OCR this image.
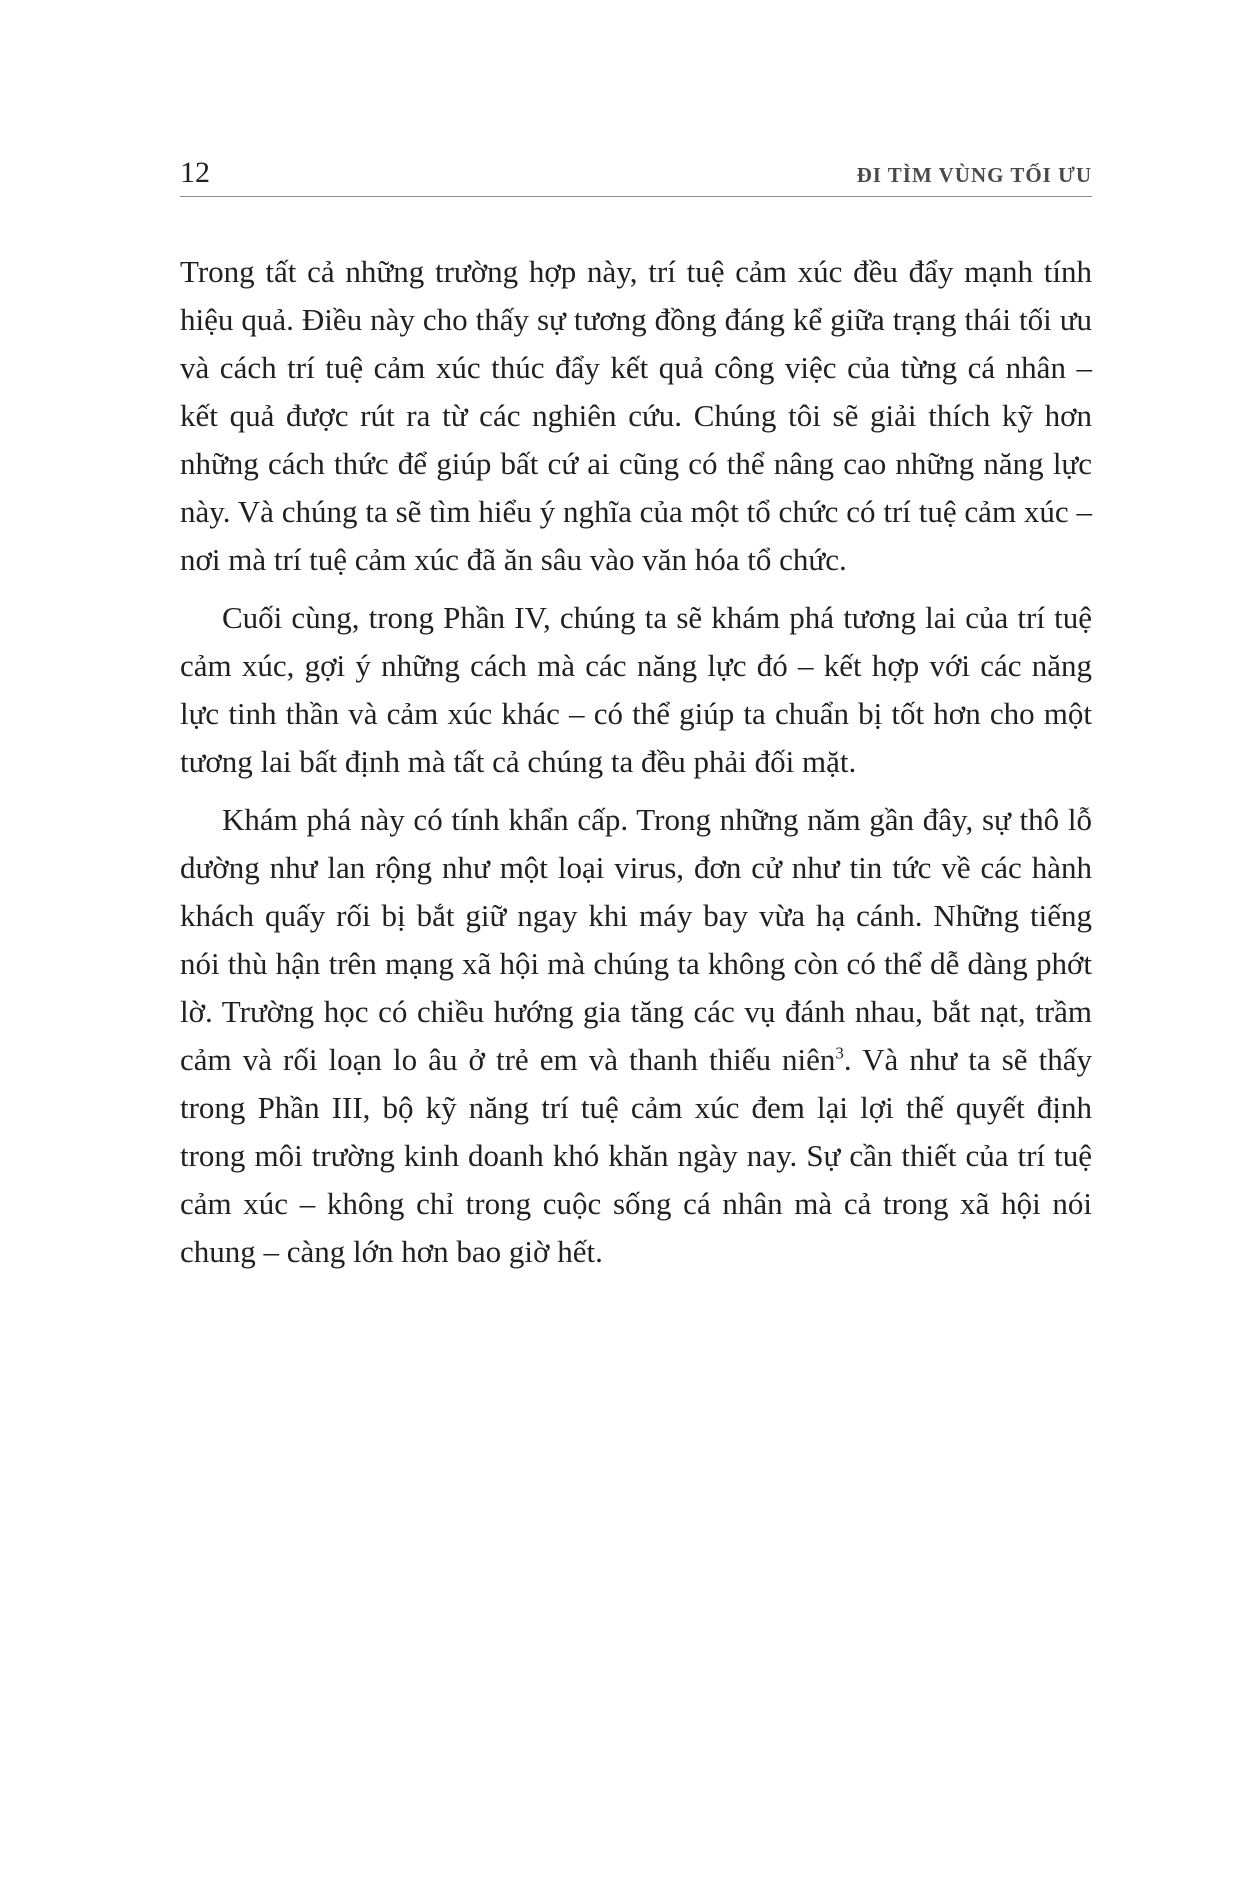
12	ĐI TÌM VÙNG TỐI ƯU

Trong tất cả những trường hợp này, trí tuệ cảm xúc đều đẩy mạnh tính hiệu quả. Điều này cho thấy sự tương đồng đáng kể giữa trạng thái tối ưu và cách trí tuệ cảm xúc thúc đẩy kết quả công việc của từng cá nhân – kết quả được rút ra từ các nghiên cứu. Chúng tôi sẽ giải thích kỹ hơn những cách thức để giúp bất cứ ai cũng có thể nâng cao những năng lực này. Và chúng ta sẽ tìm hiểu ý nghĩa của một tổ chức có trí tuệ cảm xúc – nơi mà trí tuệ cảm xúc đã ăn sâu vào văn hóa tổ chức.

Cuối cùng, trong Phần IV, chúng ta sẽ khám phá tương lai của trí tuệ cảm xúc, gợi ý những cách mà các năng lực đó – kết hợp với các năng lực tinh thần và cảm xúc khác – có thể giúp ta chuẩn bị tốt hơn cho một tương lai bất định mà tất cả chúng ta đều phải đối mặt.

Khám phá này có tính khẩn cấp. Trong những năm gần đây, sự thô lỗ dường như lan rộng như một loại virus, đơn cử như tin tức về các hành khách quấy rối bị bắt giữ ngay khi máy bay vừa hạ cánh. Những tiếng nói thù hận trên mạng xã hội mà chúng ta không còn có thể dễ dàng phớt lờ. Trường học có chiều hướng gia tăng các vụ đánh nhau, bắt nạt, trầm cảm và rối loạn lo âu ở trẻ em và thanh thiếu niên$^3$. Và như ta sẽ thấy trong Phần III, bộ kỹ năng trí tuệ cảm xúc đem lại lợi thế quyết định trong môi trường kinh doanh khó khăn ngày nay. Sự cần thiết của trí tuệ cảm xúc – không chỉ trong cuộc sống cá nhân mà cả trong xã hội nói chung – càng lớn hơn bao giờ hết.
